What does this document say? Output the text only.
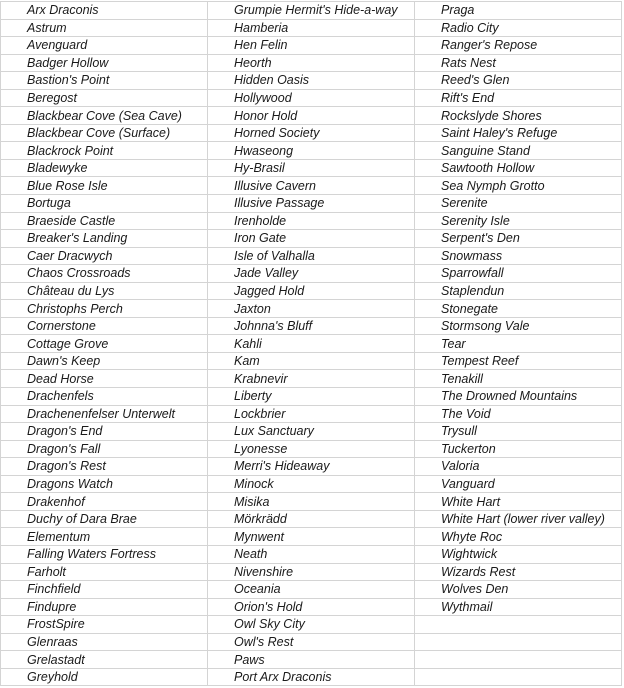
Arx Draconis	Grumpie Hermit's Hide-a-way	Praga
Astrum	Hamberia	Radio City
Avenguard	Hen Felin	Ranger's Repose
Badger Hollow	Heorth	Rats Nest
Bastion's Point	Hidden Oasis	Reed's Glen
Beregost	Hollywood	Rift's End
Blackbear Cove (Sea Cave)	Honor Hold	Rockslyde Shores
Blackbear Cove (Surface)	Horned Society	Saint Haley's Refuge
Blackrock Point	Hwaseong	Sanguine Stand
Bladewyke	Hy-Brasil	Sawtooth Hollow
Blue Rose Isle	Illusive Cavern	Sea Nymph Grotto
Bortuga	Illusive Passage	Serenite
Braeside Castle	Irenholde	Serenity Isle
Breaker's Landing	Iron Gate	Serpent's Den
Caer Dracwych	Isle of Valhalla	Snowmass
Chaos Crossroads	Jade Valley	Sparrowfall
Château du Lys	Jagged Hold	Staplendun
Christophs Perch	Jaxton	Stonegate
Cornerstone	Johnna's Bluff	Stormsong Vale
Cottage Grove	Kahli	Tear
Dawn's Keep	Kam	Tempest Reef
Dead Horse	Krabnevir	Tenakill
Drachenfels	Liberty	The Drowned Mountains
Drachenenfelser Unterwelt	Lockbrier	The Void
Dragon's End	Lux Sanctuary	Trysull
Dragon's Fall	Lyonesse	Tuckerton
Dragon's Rest	Merri's Hideaway	Valoria
Dragons Watch	Minock	Vanguard
Drakenhof	Misika	White Hart
Duchy of Dara Brae	Mörkrädd	White Hart (lower river valley)
Elementum	Mynwent	Whyte Roc
Falling Waters Fortress	Neath	Wightwick
Farholt	Nivenshire	Wizards Rest
Finchfield	Oceania	Wolves Den
Findupre	Orion's Hold	Wythmail
FrostSpire	Owl Sky City	
Glenraas	Owl's Rest	
Grelastadt	Paws	
Greyhold	Port Arx Draconis	
